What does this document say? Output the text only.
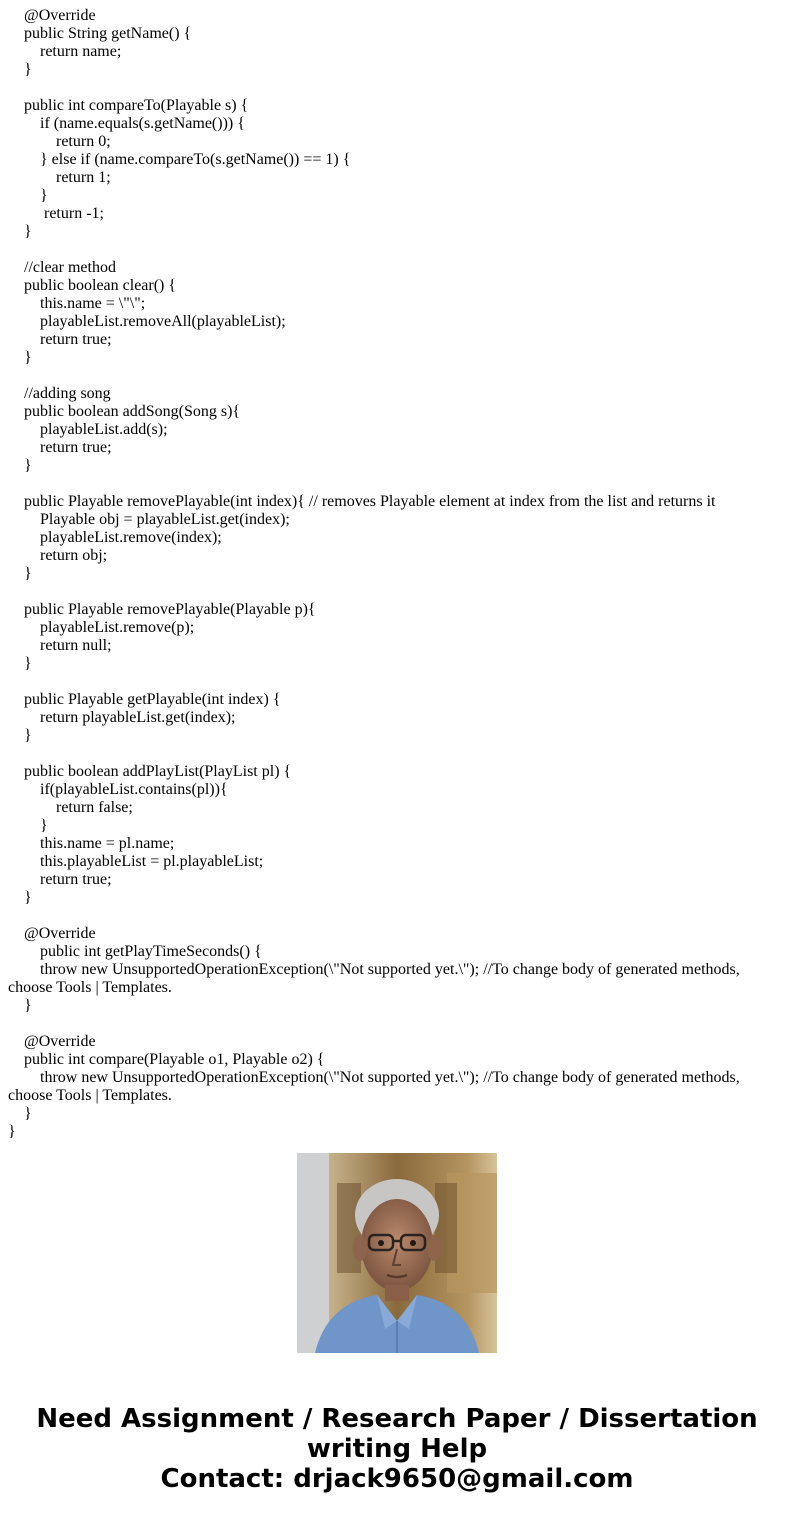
@Override
public String getName() {
return name;
}
public int compareTo(Playable s) {
if (name.equals(s.getName())) {
return 0;
} else if (name.compareTo(s.getName()) == 1) {
return 1;
}
return -1;
}
//clear method
public boolean clear() {
this.name = \"\";
playableList.removeAll(playableList);
return true;
}
//adding song
public boolean addSong(Song s){
playableList.add(s);
return true;
}
public Playable removePlayable(int index){ // removes Playable element at index from the list and returns it
Playable obj = playableList.get(index);
playableList.remove(index);
return obj;
}
public Playable removePlayable(Playable p){
playableList.remove(p);
return null;
}
public Playable getPlayable(int index) {
return playableList.get(index);
}
public boolean addPlayList(PlayList pl) {
if(playableList.contains(pl)){
return false;
}
this.name = pl.name;
this.playableList = pl.playableList;
return true;
}
@Override
public int getPlayTimeSeconds() {
throw new UnsupportedOperationException(\"Not supported yet.\"); //To change body of generated methods,
choose Tools | Templates.
}
@Override
public int compare(Playable o1, Playable o2) {
throw new UnsupportedOperationException(\"Not supported yet.\"); //To change body of generated methods,
choose Tools | Templates.
}
}
Need Assignment / Research Paper / Dissertation
writing Help
Contact: drjack9650@gmail.com
